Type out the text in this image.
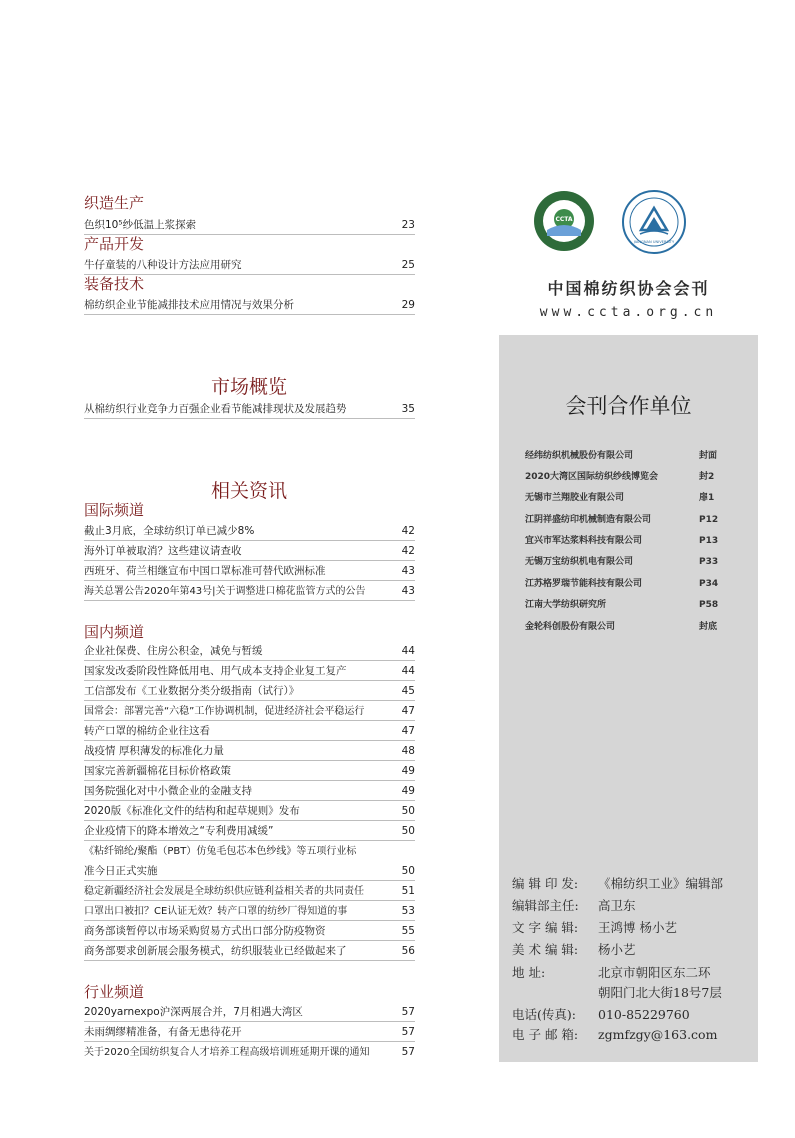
织造生产
色织10⁵纱低温上浆探索	23
产品开发
牛仔童装的八种设计方法应用研究	25
装备技术
棉纺织企业节能减排技术应用情况与效果分析	29
市场概览
从棉纺织行业竞争力百强企业看节能减排现状及发展趋势	35
相关资讯
国际频道
截止3月底，全球纺织订单已减少8%	42
海外订单被取消？这些建议请查收	42
西班牙、荷兰相继宣布中国口罩标准可替代欧洲标准	43
海关总署公告2020年第43号|关于调整进口棉花监管方式的公告	43
国内频道
企业社保费、住房公积金，减免与暂缓	44
国家发改委阶段性降低用电、用气成本支持企业复工复产	44
工信部发布《工业数据分类分级指南（试行）》	45
国常会：部署完善“六稳”工作协调机制，促进经济社会平稳运行	47
转产口罩的棉纺企业往这看	47
战疫情 厚积薄发的标准化力量	48
国家完善新疆棉花目标价格政策	49
国务院强化对中小微企业的金融支持	49
2020版《标准化文件的结构和起草规则》发布	50
企业疫情下的降本增效之“专利费用减缓”	50
《粘纤锦纶/聚酯（PBT）仿兔毛包芯本色纱线》等五项行业标
准今日正式实施	50
稳定新疆经济社会发展是全球纺织供应链利益相关者的共同责任	51
口罩出口被扣？CE认证无效？转产口罩的纺纱厂得知道的事	53
商务部谈暂停以市场采购贸易方式出口部分防疫物资	55
商务部要求创新展会服务模式，纺织服装业已经做起来了	56
行业频道
2020yarnexpo沪深两展合并，7月相遇大湾区	57
未雨绸缪精准备，有备无患待花开	57
关于2020全国纺织复合人才培养工程高级培训班延期开课的通知	57
CCTA
JIANGNAN UNIVERSITY
中国棉纺织协会会刊
www.ccta.org.cn
会刊合作单位
经纬纺织机械股份有限公司	封面
2020大湾区国际纺织纱线博览会	封2
无锡市兰翔胶业有限公司	扉1
江阴祥盛纺印机械制造有限公司	P12
宜兴市军达浆料科技有限公司	P13
无锡万宝纺织机电有限公司	P33
江苏格罗瑞节能科技有限公司	P34
江南大学纺织研究所	P58
金轮科创股份有限公司	封底
编 辑 印 发: 《棉纺织工业》编辑部
编辑部主任: 高卫东
文 字 编 辑: 王鸿博 杨小艺
美 术 编 辑: 杨小艺
地 址:	北京市朝阳区东二环
朝阳门北大街18号7层
电话(传真): 010-85229760
电 子 邮 箱: zgmfzgy@163.com
